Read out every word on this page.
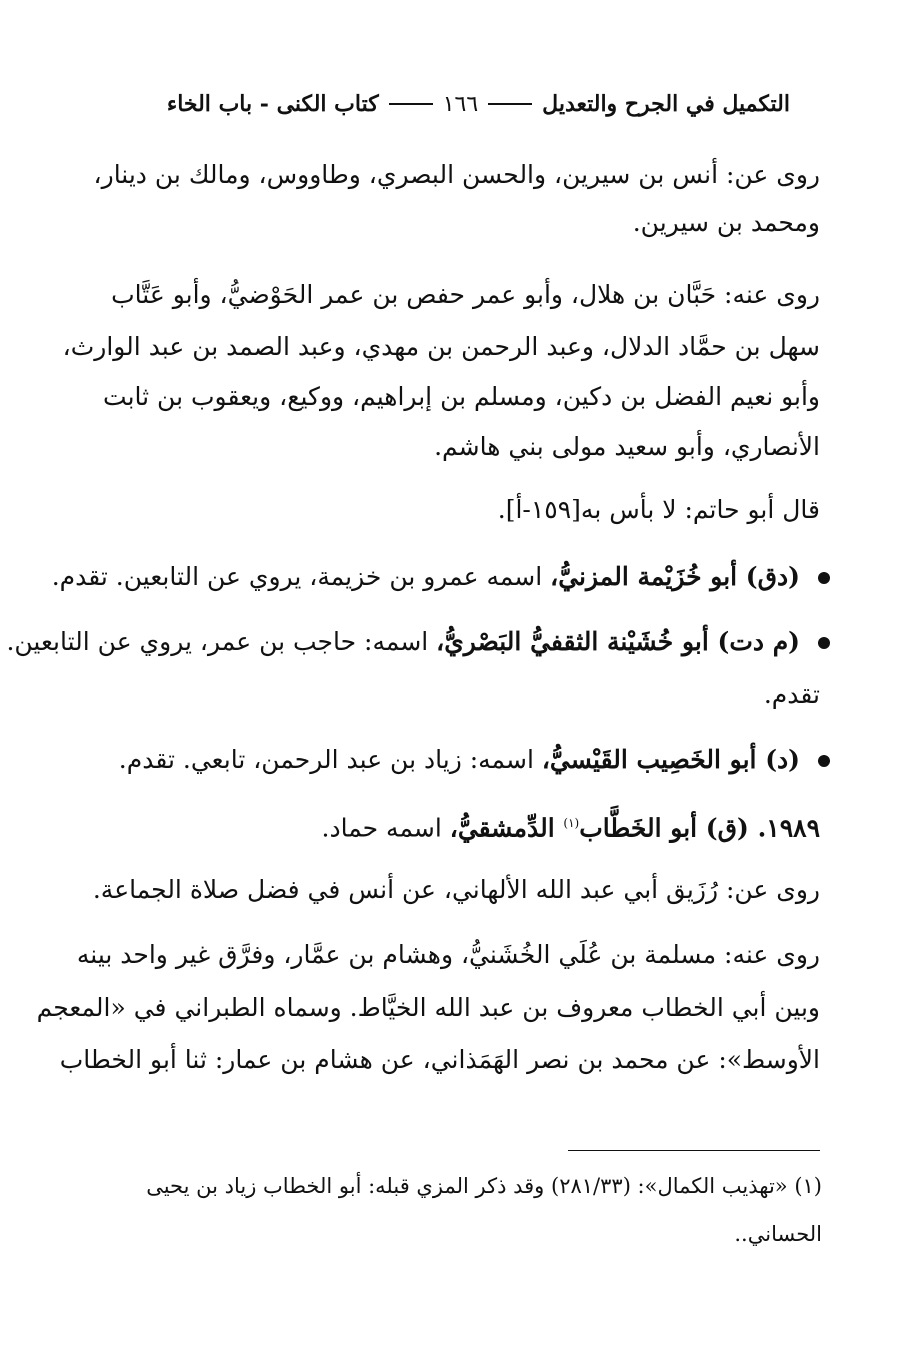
التكميل في الجرح والتعديل
١٦٦
كتاب الكنى - باب الخاء
روى عن: أنس بن سيرين، والحسن البصري، وطاووس، ومالك بن دينار،
ومحمد بن سيرين.
روى عنه: حَبَّان بن هلال، وأبو عمر حفص بن عمر الحَوْضيُّ، وأبو عَتَّاب
سهل بن حمَّاد الدلال، وعبد الرحمن بن مهدي، وعبد الصمد بن عبد الوارث،
وأبو نعيم الفضل بن دكين، ومسلم بن إبراهيم، ووكيع، ويعقوب بن ثابت
الأنصاري، وأبو سعيد مولى بني هاشم.
قال أبو حاتم: لا بأس به[١٥٩-أ].
(دق) أبو خُزَيْمة المزنيُّ، اسمه عمرو بن خزيمة، يروي عن التابعين. تقدم.
(م دت) أبو خُشَيْنة الثقفيُّ البَصْريُّ، اسمه: حاجب بن عمر، يروي عن التابعين.
تقدم.
(د) أبو الخَصِيب القَيْسيُّ، اسمه: زياد بن عبد الرحمن، تابعي. تقدم.
١٩٨٩. (ق) أبو الخَطَّاب$^{(١)}$ الدِّمشقيُّ، اسمه حماد.
روى عن: رُزَيق أبي عبد الله الألهاني، عن أنس في فضل صلاة الجماعة.
روى عنه: مسلمة بن عُلَي الخُشَنيُّ، وهشام بن عمَّار، وفرَّق غير واحد بينه
وبين أبي الخطاب معروف بن عبد الله الخيَّاط. وسماه الطبراني في «المعجم
الأوسط»: عن محمد بن نصر الهَمَذاني، عن هشام بن عمار: ثنا أبو الخطاب
(١) «تهذيب الكمال»: (٢٨١/٣٣) وقد ذكر المزي قبله: أبو الخطاب زياد بن يحيى
الحساني..
